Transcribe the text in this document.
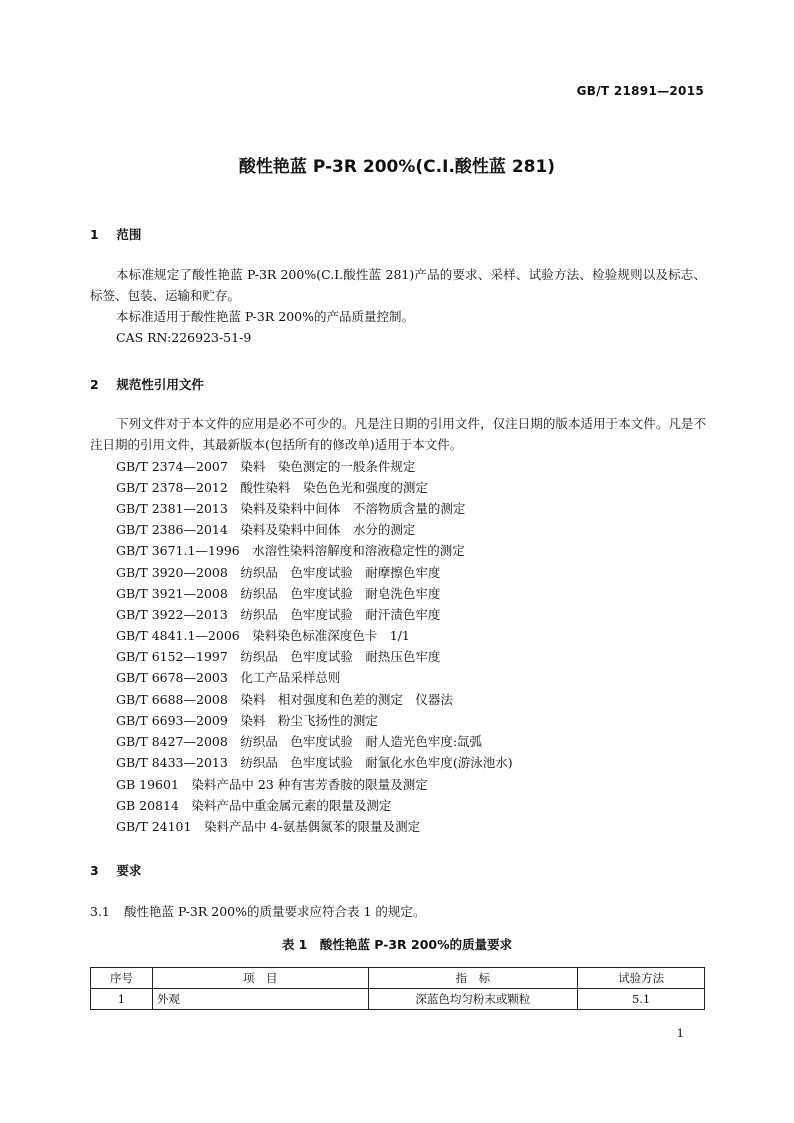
GB/T 21891—2015
酸性艳蓝 P-3R 200%(C.I.酸性蓝 281)
1 范围
本标准规定了酸性艳蓝 P-3R 200%(C.I.酸性蓝 281)产品的要求、采样、试验方法、检验规则以及标志、标签、包装、运输和贮存。
本标准适用于酸性艳蓝 P-3R 200%的产品质量控制。
CAS RN:226923-51-9
2 规范性引用文件
下列文件对于本文件的应用是必不可少的。凡是注日期的引用文件，仅注日期的版本适用于本文件。凡是不注日期的引用文件，其最新版本(包括所有的修改单)适用于本文件。
GB/T 2374—2007　染料　染色测定的一般条件规定
GB/T 2378—2012　酸性染料　染色色光和强度的测定
GB/T 2381—2013　染料及染料中间体　不溶物质含量的测定
GB/T 2386—2014　染料及染料中间体　水分的测定
GB/T 3671.1—1996　水溶性染料溶解度和溶液稳定性的测定
GB/T 3920—2008　纺织品　色牢度试验　耐摩擦色牢度
GB/T 3921—2008　纺织品　色牢度试验　耐皂洗色牢度
GB/T 3922—2013　纺织品　色牢度试验　耐汗渍色牢度
GB/T 4841.1—2006　染料染色标准深度色卡　1/1
GB/T 6152—1997　纺织品　色牢度试验　耐热压色牢度
GB/T 6678—2003　化工产品采样总则
GB/T 6688—2008　染料　相对强度和色差的测定　仪器法
GB/T 6693—2009　染料　粉尘飞扬性的测定
GB/T 8427—2008　纺织品　色牢度试验　耐人造光色牢度:氙弧
GB/T 8433—2013　纺织品　色牢度试验　耐氯化水色牢度(游泳池水)
GB 19601　染料产品中 23 种有害芳香胺的限量及测定
GB 20814　染料产品中重金属元素的限量及测定
GB/T 24101　染料产品中 4-氨基偶氮苯的限量及测定
3 要求
3.1 酸性艳蓝 P-3R 200%的质量要求应符合表 1 的规定。
表 1　酸性艳蓝 P-3R 200%的质量要求
序号	项　目	指　标	试验方法
1	外观	深蓝色均匀粉末或颗粒	5.1
1
